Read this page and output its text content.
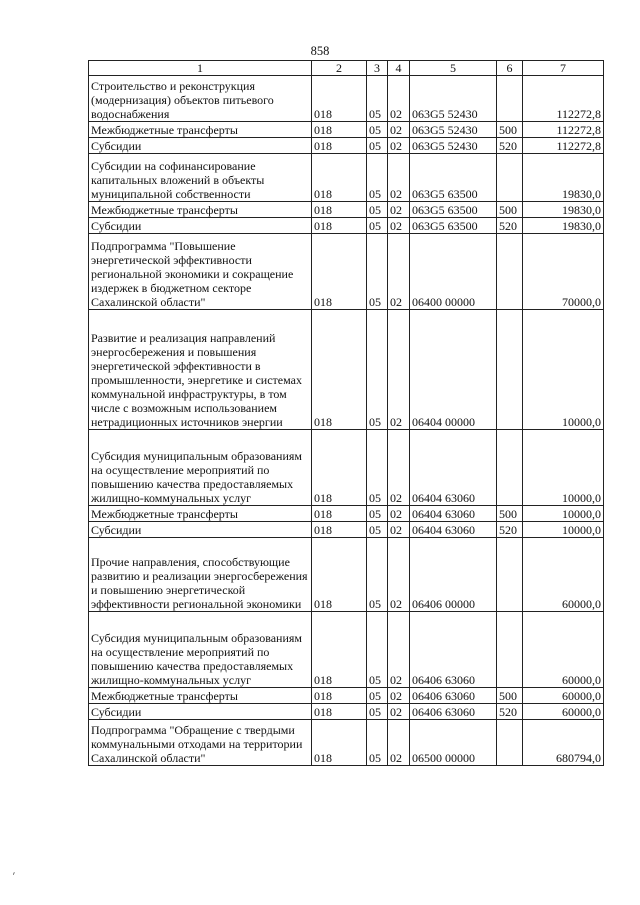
858
1	2	3	4	5	6	7
Строительство и реконструкция (модернизация) объектов питьевого водоснабжения	018	05	02	063G5 52430		112272,8
Межбюджетные трансферты	018	05	02	063G5 52430	500	112272,8
Субсидии	018	05	02	063G5 52430	520	112272,8
Субсидии на софинансирование капитальных вложений в объекты муниципальной собственности	018	05	02	063G5 63500		19830,0
Межбюджетные трансферты	018	05	02	063G5 63500	500	19830,0
Субсидии	018	05	02	063G5 63500	520	19830,0
Подпрограмма "Повышение энергетической эффективности региональной экономики и сокращение издержек в бюджетном секторе Сахалинской области"	018	05	02	06400 00000		70000,0
Развитие и реализация направлений энергосбережения и повышения энергетической эффективности в промышленности, энергетике и системах коммунальной инфраструктуры, в том числе с возможным использованием нетрадиционных источников энергии	018	05	02	06404 00000		10000,0
Субсидия муниципальным образованиям на осуществление мероприятий по повышению качества предоставляемых жилищно-коммунальных услуг	018	05	02	06404 63060		10000,0
Межбюджетные трансферты	018	05	02	06404 63060	500	10000,0
Субсидии	018	05	02	06404 63060	520	10000,0
Прочие направления, способствующие развитию и реализации энергосбережения и повышению энергетической эффективности региональной экономики	018	05	02	06406 00000		60000,0
Субсидия муниципальным образованиям на осуществление мероприятий по повышению качества предоставляемых жилищно-коммунальных услуг	018	05	02	06406 63060		60000,0
Межбюджетные трансферты	018	05	02	06406 63060	500	60000,0
Субсидии	018	05	02	06406 63060	520	60000,0
Подпрограмма "Обращение с твердыми коммунальными отходами на территории Сахалинской области"	018	05	02	06500 00000		680794,0
-
